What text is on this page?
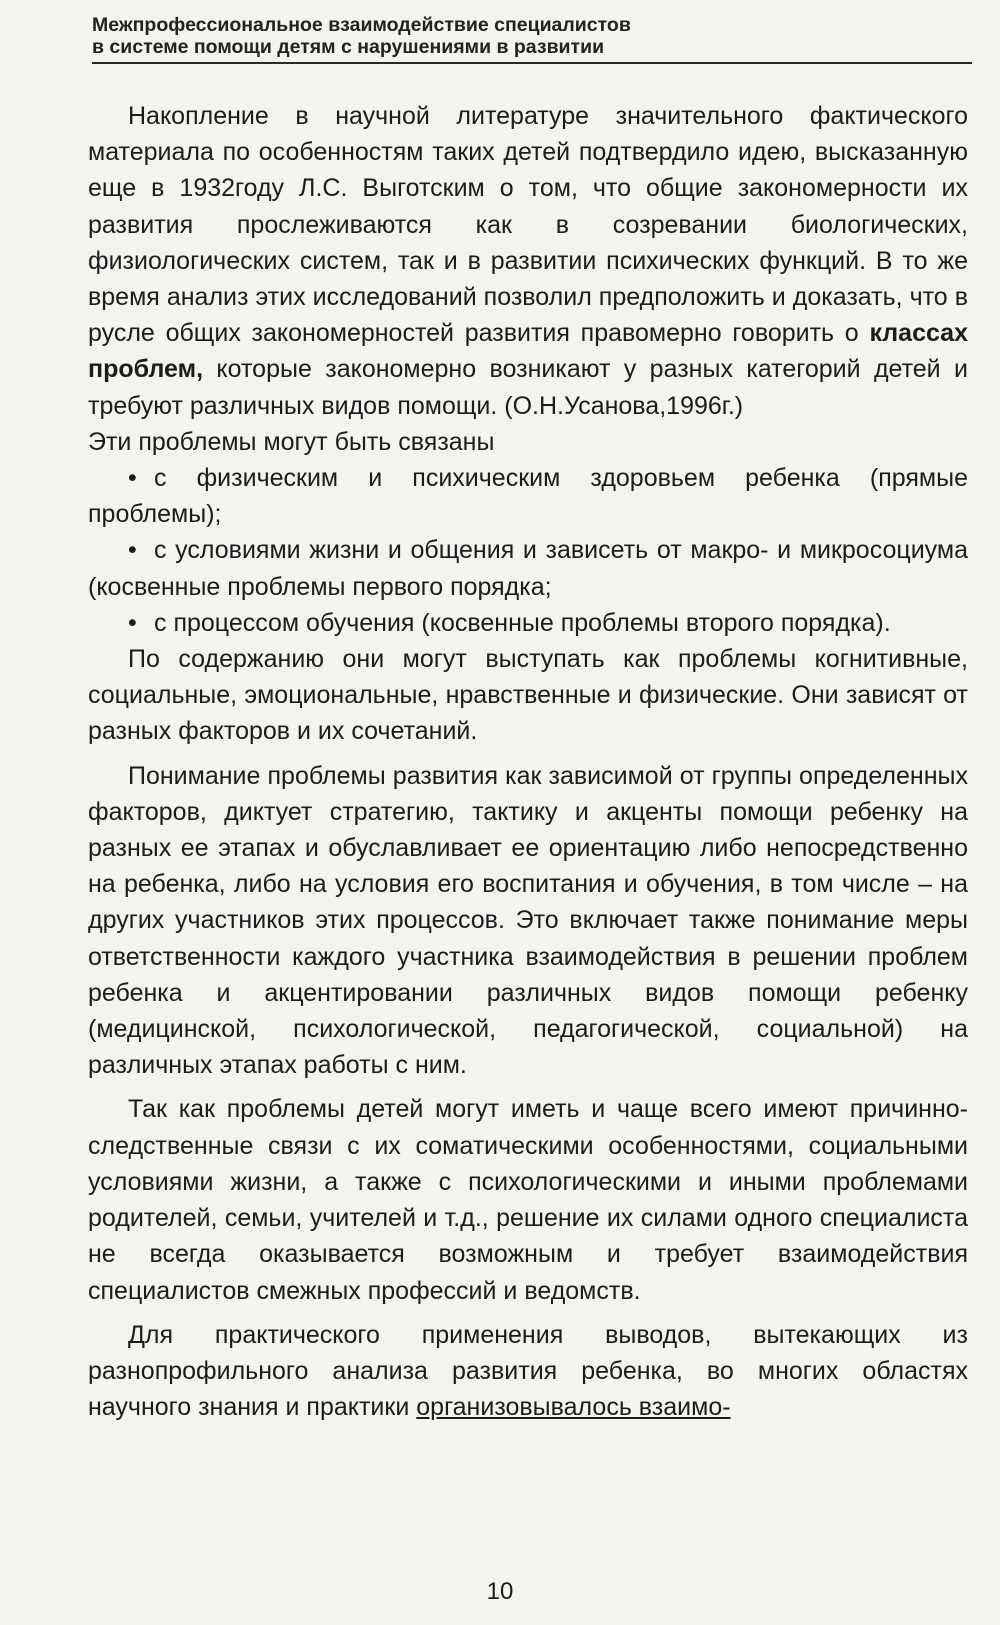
Межпрофессиональное взаимодействие специалистов
в системе помощи детям с нарушениями в развитии

Накопление в научной литературе значительного фактического материала по особенностям таких детей подтвердило идею, высказанную еще в 1932году Л.С. Выготским о том, что общие закономерности их развития прослеживаются как в созревании биологических, физиологических систем, так и в развитии психических функций. В то же время анализ этих исследований позволил предположить и доказать, что в русле общих закономерностей развития правомерно говорить о классах проблем, которые закономерно возникают у разных категорий детей и требуют различных видов помощи. (О.Н.Усанова,1996г.)

Эти проблемы могут быть связаны

• с физическим и психическим здоровьем ребенка (прямые проблемы);

• с условиями жизни и общения и зависеть от макро- и микросоциума (косвенные проблемы первого порядка;

• с процессом обучения (косвенные проблемы второго порядка).

По содержанию они могут выступать как проблемы когнитивные, социальные, эмоциональные, нравственные и физические. Они зависят от разных факторов и их сочетаний.

Понимание проблемы развития как зависимой от группы определенных факторов, диктует стратегию, тактику и акценты помощи ребенку на разных ее этапах и обуславливает ее ориентацию либо непосредственно на ребенка, либо на условия его воспитания и обучения, в том числе – на других участников этих процессов. Это включает также понимание меры ответственности каждого участника взаимодействия в решении проблем ребенка и акцентировании различных видов помощи ребенку (медицинской, психологической, педагогической, социальной) на различных этапах работы с ним.

Так как проблемы детей могут иметь и чаще всего имеют причинно-следственные связи с их соматическими особенностями, социальными условиями жизни, а также с психологическими и иными проблемами родителей, семьи, учителей и т.д., решение их силами одного специалиста не всегда оказывается возможным и требует взаимодействия специалистов смежных профессий и ведомств.

Для практического применения выводов, вытекающих из разнопрофильного анализа развития ребенка, во многих областях научного знания и практики организовывалось взаимо-

10
